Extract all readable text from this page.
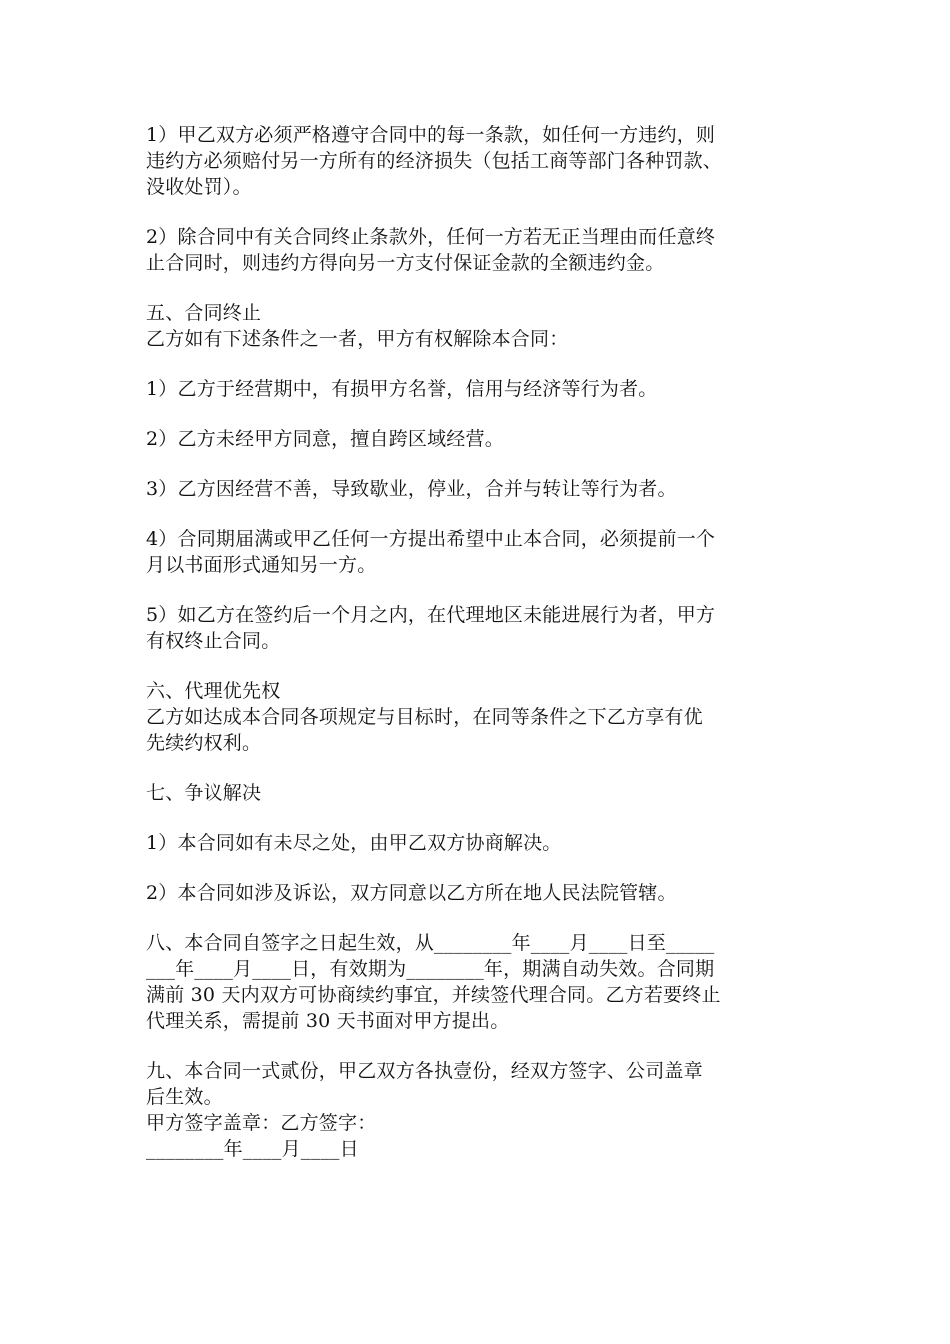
1）甲乙双方必须严格遵守合同中的每一条款，如任何一方违约，则
违约方必须赔付另一方所有的经济损失（包括工商等部门各种罚款、
没收处罚）。
2）除合同中有关合同终止条款外，任何一方若无正当理由而任意终
止合同时，则违约方得向另一方支付保证金款的全额违约金。
五、合同终止
乙方如有下述条件之一者，甲方有权解除本合同：
1）乙方于经营期中，有损甲方名誉，信用与经济等行为者。
2）乙方未经甲方同意，擅自跨区域经营。
3）乙方因经营不善，导致歇业，停业，合并与转让等行为者。
4）合同期届满或甲乙任何一方提出希望中止本合同，必须提前一个
月以书面形式通知另一方。
5）如乙方在签约后一个月之内，在代理地区未能进展行为者，甲方
有权终止合同。
六、代理优先权
乙方如达成本合同各项规定与目标时，在同等条件之下乙方享有优
先续约权利。
七、争议解决
1）本合同如有未尽之处，由甲乙双方协商解决。
2）本合同如涉及诉讼，双方同意以乙方所在地人民法院管辖。
八、本合同自签字之日起生效，从________年____月____日至_____
___年____月____日，有效期为________年，期满自动失效。合同期
满前 30 天内双方可协商续约事宜，并续签代理合同。乙方若要终止
代理关系，需提前 30 天书面对甲方提出。
九、本合同一式贰份，甲乙双方各执壹份，经双方签字、公司盖章
后生效。
甲方签字盖章：乙方签字：
________年____月____日
